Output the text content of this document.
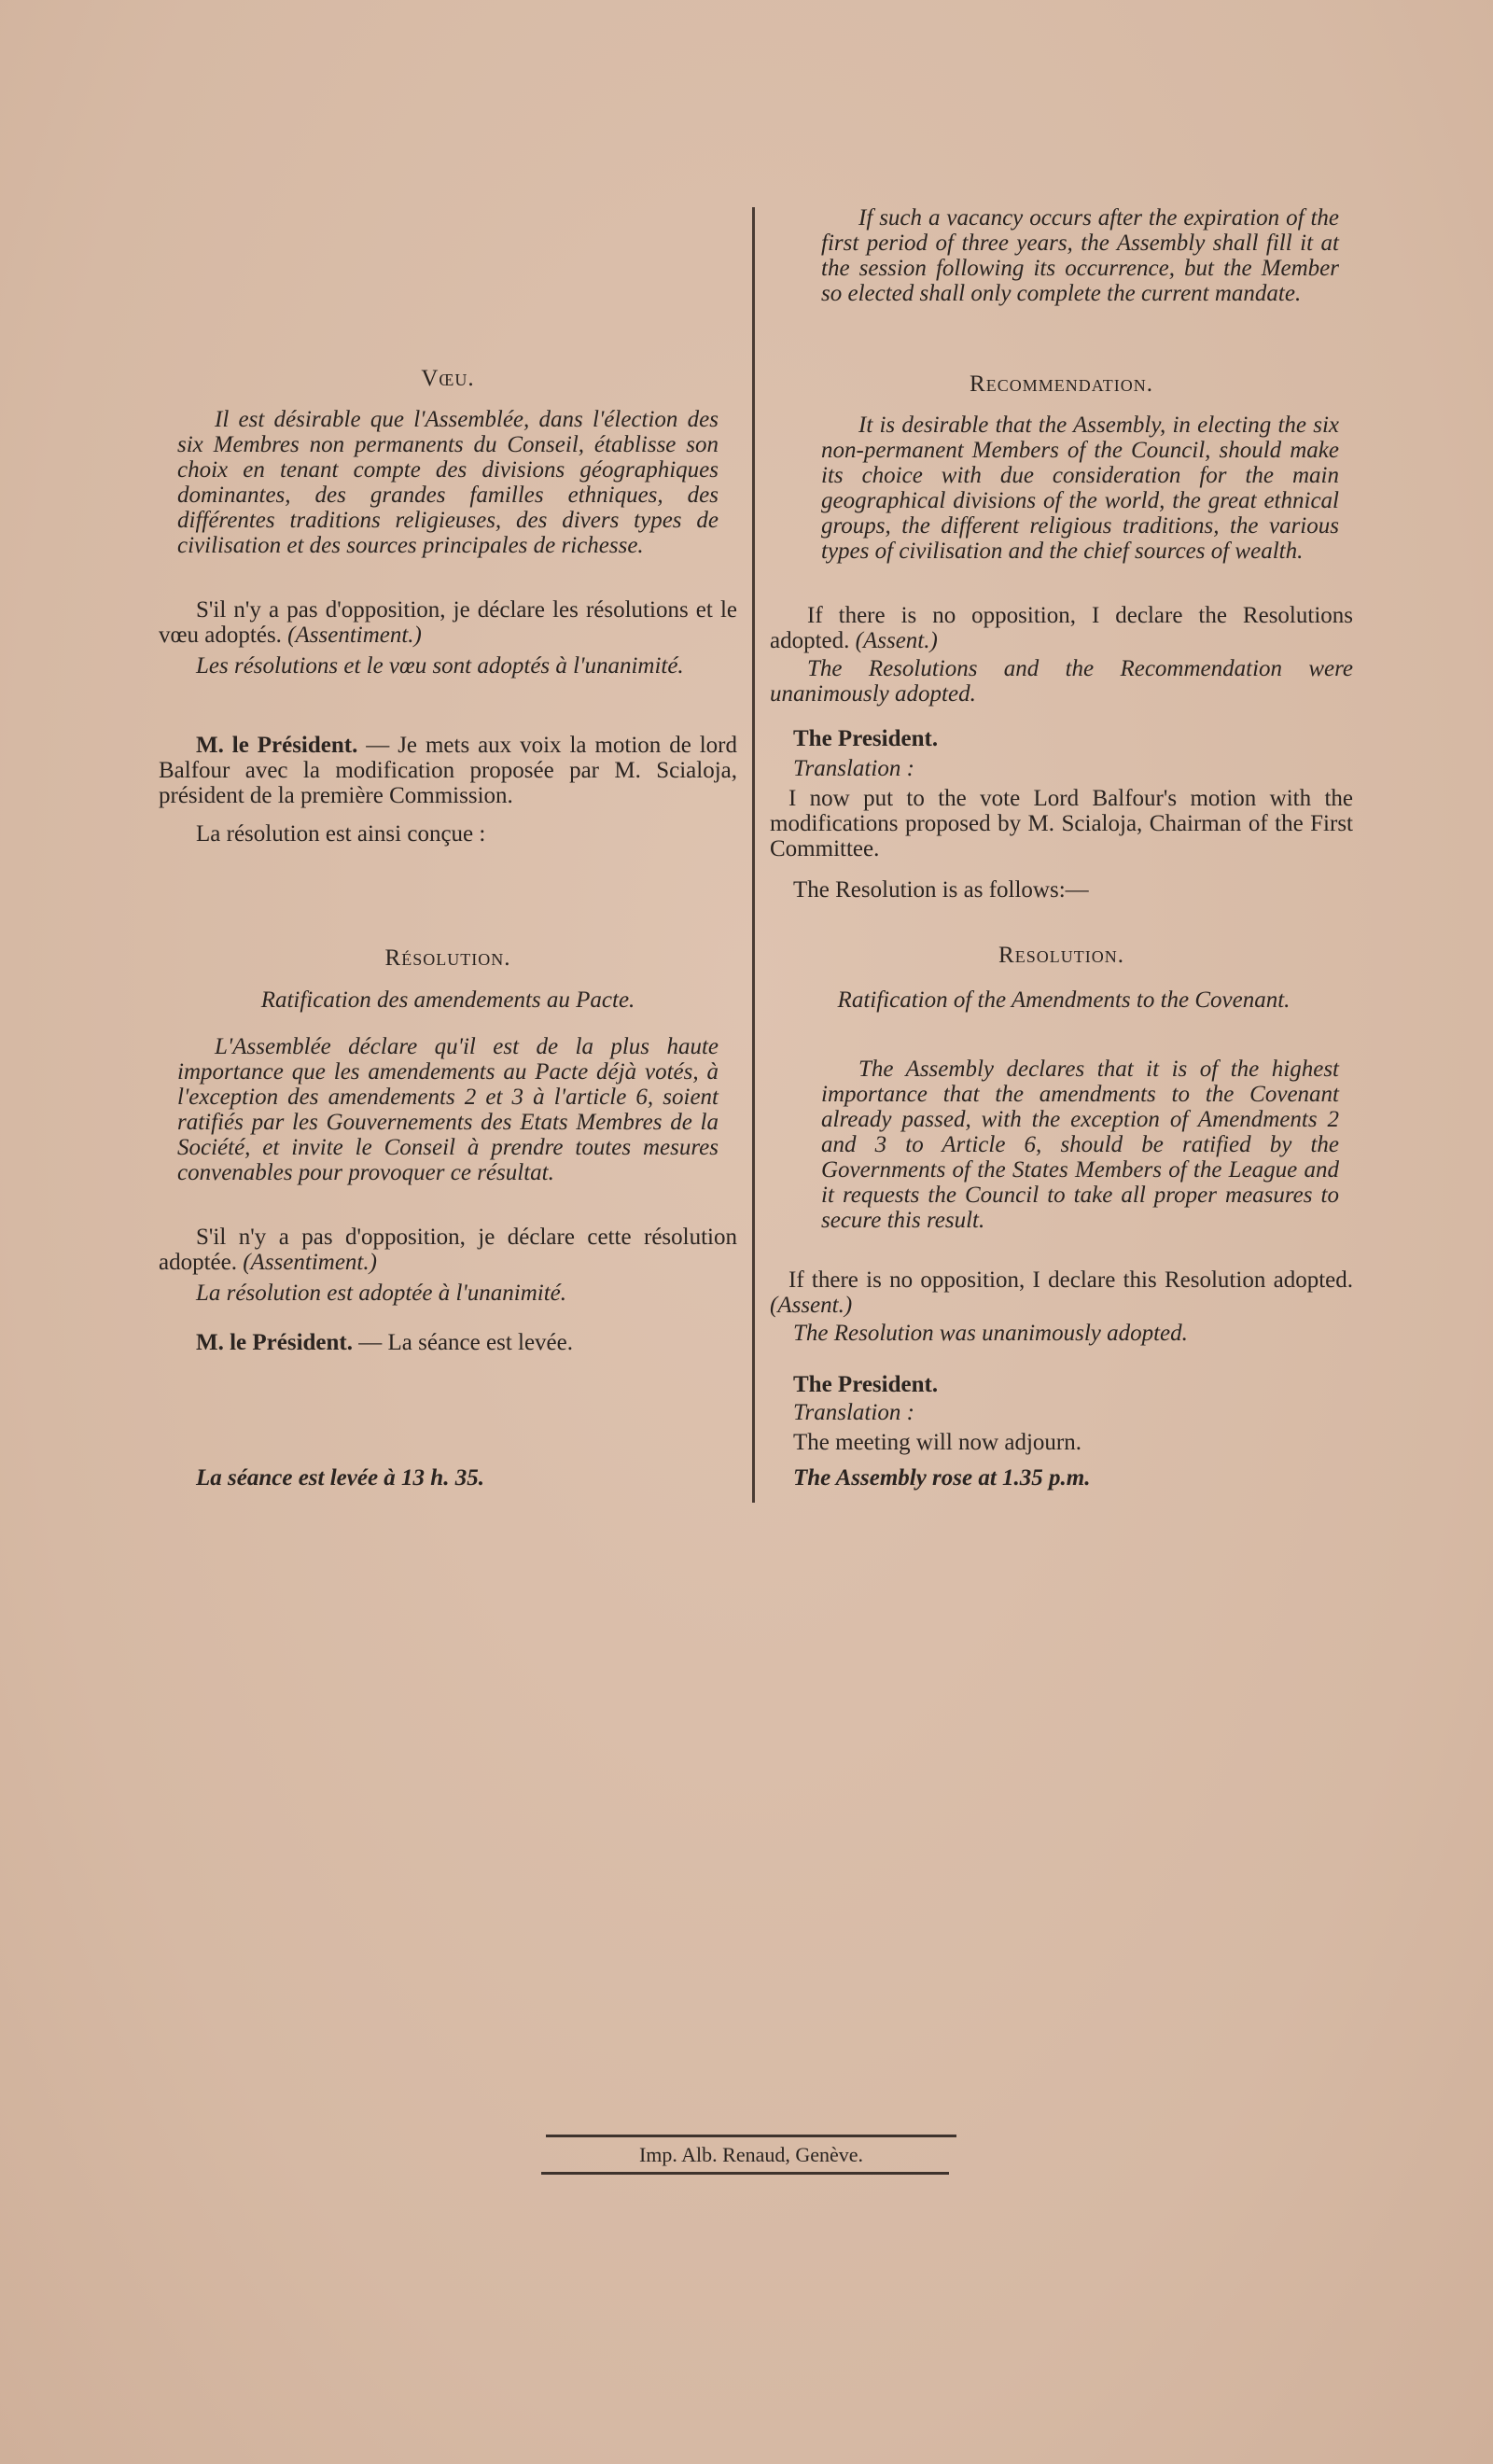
Vœu.

Il est désirable que l'Assemblée, dans l'élection des six Membres non permanents du Conseil, établisse son choix en tenant compte des divisions géographiques dominantes, des grandes familles ethniques, des différentes traditions religieuses, des divers types de civilisation et des sources principales de richesse.

S'il n'y a pas d'opposition, je déclare les résolutions et le vœu adoptés. (Assentiment.)

Les résolutions et le vœu sont adoptés à l'unanimité.

M. le Président. — Je mets aux voix la motion de lord Balfour avec la modification proposée par M. Scialoja, président de la première Commission.

La résolution est ainsi conçue :

Résolution.

Ratification des amendements au Pacte.

L'Assemblée déclare qu'il est de la plus haute importance que les amendements au Pacte déjà votés, à l'exception des amendements 2 et 3 à l'article 6, soient ratifiés par les Gouvernements des Etats Membres de la Société, et invite le Conseil à prendre toutes mesures convenables pour provoquer ce résultat.

S'il n'y a pas d'opposition, je déclare cette résolution adoptée. (Assentiment.)

La résolution est adoptée à l'unanimité.

M. le Président. — La séance est levée.

La séance est levée à 13 h. 35.

If such a vacancy occurs after the expiration of the first period of three years, the Assembly shall fill it at the session following its occurrence, but the Member so elected shall only complete the current mandate.

Recommendation.

It is desirable that the Assembly, in electing the six non-permanent Members of the Council, should make its choice with due consideration for the main geographical divisions of the world, the great ethnical groups, the different religious traditions, the various types of civilisation and the chief sources of wealth.

If there is no opposition, I declare the Resolutions adopted. (Assent.)

The Resolutions and the Recommendation were unanimously adopted.

The President.

Translation :

I now put to the vote Lord Balfour's motion with the modifications proposed by M. Scialoja, Chairman of the First Committee.

The Resolution is as follows:—

Resolution.

Ratification of the Amendments to the Covenant.

The Assembly declares that it is of the highest importance that the amendments to the Covenant already passed, with the exception of Amendments 2 and 3 to Article 6, should be ratified by the Governments of the States Members of the League and it requests the Council to take all proper measures to secure this result.

If there is no opposition, I declare this Resolution adopted. (Assent.)

The Resolution was unanimously adopted.

The President.

Translation :

The meeting will now adjourn.

The Assembly rose at 1.35 p.m.

Imp. Alb. Renaud, Genève.
